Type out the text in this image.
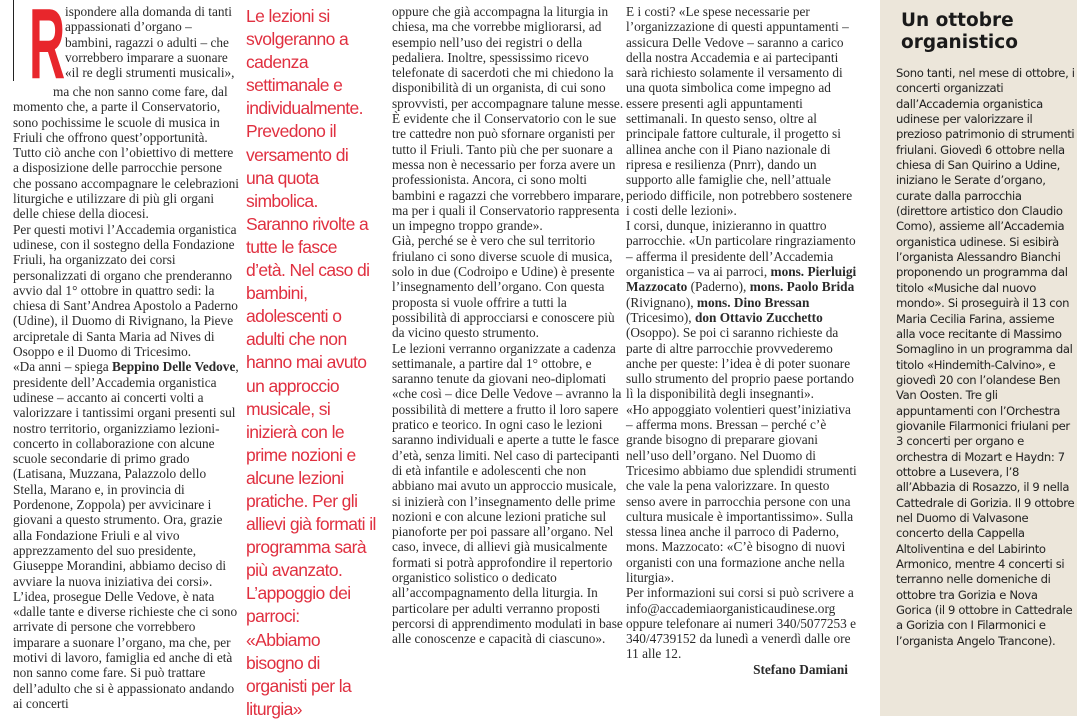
R ispondere alla domanda di tanti appassionati d’organo – bambini, ragazzi o adulti – che vorrebbero imparare a suonare «il re degli strumenti musicali»,

ma che non sanno come fare, dal momento che, a parte il Conservatorio, sono pochissime le scuole di musica in Friuli che offrono quest’opportunità. Tutto ciò anche con l’obiettivo di mettere a disposizione delle parrocchie persone che possano accompagnare le celebrazioni liturgiche e utilizzare di più gli organi delle chiese della diocesi.

Per questi motivi l’Accademia organistica udinese, con il sostegno della Fondazione Friuli, ha organizzato dei corsi personalizzati di organo che prenderanno avvio dal 1° ottobre in quattro sedi: la chiesa di Sant’Andrea Apostolo a Paderno (Udine), il Duomo di Rivignano, la Pieve arcipretale di Santa Maria ad Nives di Osoppo e il Duomo di Tricesimo.

«Da anni – spiega Beppino Delle Vedove, presidente dell’Accademia organistica udinese – accanto ai concerti volti a valorizzare i tantissimi organi presenti sul nostro territorio, organizziamo lezioni-concerto in collaborazione con alcune scuole secondarie di primo grado (Latisana, Muzzana, Palazzolo dello Stella, Marano e, in provincia di Pordenone, Zoppola) per avvicinare i giovani a questo strumento. Ora, grazie alla Fondazione Friuli e al vivo apprezzamento del suo presidente, Giuseppe Morandini, abbiamo deciso di avviare la nuova iniziativa dei corsi». L’idea, prosegue Delle Vedove, è nata «dalle tante e diverse richieste che ci sono arrivate di persone che vorrebbero imparare a suonare l’organo, ma che, per motivi di lavoro, famiglia ed anche di età non sanno come fare. Si può trattare dell’adulto che si è appassionato andando ai concerti

Le lezioni si svolgeranno a cadenza settimanale e individualmente. Prevedono il versamento di una quota simbolica. Saranno rivolte a tutte le fasce d’età. Nel caso di bambini, adolescenti o adulti che non hanno mai avuto un approccio musicale, si inizierà con le prime nozioni e alcune lezioni pratiche. Per gli allievi già formati il programma sarà più avanzato. L’appoggio dei parroci: «Abbiamo bisogno di organisti per la liturgia»

oppure che già accompagna la liturgia in chiesa, ma che vorrebbe migliorarsi, ad esempio nell’uso dei registri o della pedaliera. Inoltre, spessissimo ricevo telefonate di sacerdoti che mi chiedono la disponibilità di un organista, di cui sono sprovvisti, per accompagnare talune messe. È evidente che il Conservatorio con le sue tre cattedre non può sfornare organisti per tutto il Friuli. Tanto più che per suonare a messa non è necessario per forza avere un professionista. Ancora, ci sono molti bambini e ragazzi che vorrebbero imparare, ma per i quali il Conservatorio rappresenta un impegno troppo grande».

Già, perché se è vero che sul territorio friulano ci sono diverse scuole di musica, solo in due (Codroipo e Udine) è presente l’insegnamento dell’organo. Con questa proposta si vuole offrire a tutti la possibilità di approcciarsi e conoscere più da vicino questo strumento.

Le lezioni verranno organizzate a cadenza settimanale, a partire dal 1° ottobre, e saranno tenute da giovani neo-diplomati «che così – dice Delle Vedove – avranno la possibilità di mettere a frutto il loro sapere pratico e teorico. In ogni caso le lezioni saranno individuali e aperte a tutte le fasce d’età, senza limiti. Nel caso di partecipanti di età infantile e adolescenti che non abbiano mai avuto un approccio musicale, si inizierà con l’insegnamento delle prime nozioni e con alcune lezioni pratiche sul pianoforte per poi passare all’organo. Nel caso, invece, di allievi già musicalmente formati si potrà approfondire il repertorio organistico solistico o dedicato all’accompagnamento della liturgia. In particolare per adulti verranno proposti percorsi di apprendimento modulati in base alle conoscenze e capacità di ciascuno».

E i costi? «Le spese necessarie per l’organizzazione di questi appuntamenti – assicura Delle Vedove – saranno a carico della nostra Accademia e ai partecipanti sarà richiesto solamente il versamento di una quota simbolica come impegno ad essere presenti agli appuntamenti settimanali. In questo senso, oltre al principale fattore culturale, il progetto si allinea anche con il Piano nazionale di ripresa e resilienza (Pnrr), dando un supporto alle famiglie che, nell’attuale periodo difficile, non potrebbero sostenere i costi delle lezioni».

I corsi, dunque, inizieranno in quattro parrocchie. «Un particolare ringraziamento – afferma il presidente dell’Accademia organistica – va ai parroci, mons. Pierluigi Mazzocato (Paderno), mons. Paolo Brida (Rivignano), mons. Dino Bressan (Tricesimo), don Ottavio Zucchetto (Osoppo). Se poi ci saranno richieste da parte di altre parrocchie provvederemo anche per queste: l’idea è di poter suonare sullo strumento del proprio paese portando lì la disponibilità degli insegnanti».

«Ho appoggiato volentieri quest’iniziativa – afferma mons. Bressan – perché c’è grande bisogno di preparare giovani nell’uso dell’organo. Nel Duomo di Tricesimo abbiamo due splendidi strumenti che vale la pena valorizzare. In questo senso avere in parrocchia persone con una cultura musicale è importantissimo». Sulla stessa linea anche il parroco di Paderno, mons. Mazzocato: «C’è bisogno di nuovi organisti con una formazione anche nella liturgia».

Per informazioni sui corsi si può scrivere a info@accademiaorganisticaudinese.org oppure telefonare ai numeri 340/5077253 e 340/4739152 da lunedì a venerdì dalle ore 11 alle 12.

Stefano Damiani

Un ottobre organistico
Sono tanti, nel mese di ottobre, i concerti organizzati dall’Accademia organistica udinese per valorizzare il prezioso patrimonio di strumenti friulani. Giovedì 6 ottobre nella chiesa di San Quirino a Udine, iniziano le Serate d’organo, curate dalla parrocchia (direttore artistico don Claudio Como), assieme all’Accademia organistica udinese. Si esibirà l’organista Alessandro Bianchi proponendo un programma dal titolo «Musiche dal nuovo mondo». Si proseguirà il 13 con Maria Cecilia Farina, assieme alla voce recitante di Massimo Somaglino in un programma dal titolo «Hindemith-Calvino», e giovedì 20 con l’olandese Ben Van Oosten. Tre gli appuntamenti con l’Orchestra giovanile Filarmonici friulani per 3 concerti per organo e orchestra di Mozart e Haydn: 7 ottobre a Lusevera, l’8 all’Abbazia di Rosazzo, il 9 nella Cattedrale di Gorizia. Il 9 ottobre nel Duomo di Valvasone concerto della Cappella Altoliventina e del Labirinto Armonico, mentre 4 concerti si terranno nelle domeniche di ottobre tra Gorizia e Nova Gorica (il 9 ottobre in Cattedrale a Gorizia con I Filarmonici e l’organista Angelo Trancone).
